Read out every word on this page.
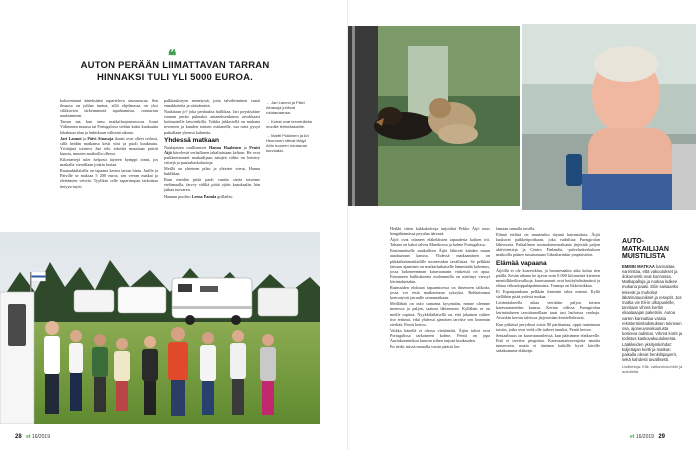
❝
AUTON PERÄÄN LIIMATTAVAN TARRAN HINNAKSI TULI YLI 5000 EUROA.

kokoontunut ääneksäänt ruparteleva seuraseuraa. Sen ilmassa on juhlan tuntua, sillä ohjelmassa on yksi vilkkuvien tärkeimmistä tapahtumista, rotutarran naulaaminen.

Tarran taa, kun ansu matkailuajoneuvossa Jouni Välimmen maassa tai Portugalissa vieläni kaksi kuukautta lokakuun alun ja huhtikuun välisenä aikana.

Jari Lammi ja Päivi Ainasoja ilaastt ovat olleet reilusti, sillä heidän matkansa kesti viisi ja puoli kuukautta. Yrittäjinä toimiva Jari teki etätöitä muuttaan päivät kuusia, muuten matkoilla ollessa.

Kilometrejä tuler helposti täyteen kymppi tonni, jos matkalla vieraillaan jonkin kertaa.

Ruutaakkilaisilla on tapaana kertoa tarran hinta. Jarille ja Päiville se maksaa 5 200 euroa, sen verran matkat ja elettämien vetivät. Tyylikäs selle saparitrupaa tarkoittaa tietyyn myös

palkkauksiyen menetystä, jotta talvehtiminen vaatti ennakkoteita ja säästämistä.

Naulataan jo? joka perdauksa halilikaa. Jari poyskyääne vaanun perän puhuaksi antaneksenkurun arvokkaast kotimaiselle latvoistkilla. Vaikka juhlaviellä on mukana toveneen ja kunden toimen osittanelle, saa rarra pysyä paikallaan yleensä kahneita.

Yhdessä matkaan

Naulajasten osallisnuvet Hanna Haahinen ja Pentti Äijö kävelevät verhallaren takalinistaan keltoin. He ovat parkkeeranneet matkailijaan aatujen väliin on lerttstry viittejä ja paaturhaskaluotoja.

Meillä on yhteinen pilsu ja yhteiset vierat, Hannu huklkkaa.

Ruin meidän pitää paolt vantäa siettä toisenne etelämaalla, tärvvy väliltä pitää ojiäis kaaukaalin, hän jatkaa tuovaren.

Hannun puoliso Leena Panula grillaileo.

← Jari Lammi ja Päivi Ainasoja juhlivat rotutarraansa.
→ Koirat ovat tervetulleita monille leirintäalueille.
→ Martti Pukkinen ja Ari Heuronen ottivat lähjyt Ariin tuoreen rotutarran kunniaksi.
28 et 16/2019

Heikki sitten kakkakalvoja tarjotiltai Pekko Äijö nous hengähtämässä peyulan äärensä.

Äijöt ovat ottaneet eläkeläisten tapaadesta kaiken irti. Takana on kaksi talvea Marokossa ja kolme Portugalissa.

Ensimmäiselle matkalleen Äijöt lähtivät kahden muun autokunnan kanssa. Yhdessä matkaaminen on pitkäaikaismatkailille monessakin tavallistaa. Se pelkkää laivaan ajaminen on matkailuikaiselle lämmintää kokemus, jossa kokeneemman karavaanarin vinkeistä on apua. Esimmeen hallituksenta molemmilla on mietinyt viessyt leirintaluetakin.

Ruinsaiden elokuun tapaamisessa on ilmeiseen talkoita, jossa voi etsiä matkaseuraa syksyksi. Rohkeimmat kertoutyvät jatruulle seuramatkaan.

Meillähän on outo samansa kysymään, minne olemme menossa ja paljon, taatusa lähtemisen. Kyllähän se on meille sopinut. Nyykkiläiläisellä on, että jokainen valttee itse reitinsä, eikä yhdessä ajamisen tarvitse sen loommin eterkää, Pentti kertoo.

Vaikka hänellä ei olessa viettäneitä, Äijön talvet ovat Portugalissa tarkoineen kolme, Pentti on jopa Aurinkorannikon kuuron siihen tarjoaa kuukauden.

En tiedä, missä muualla voisin pääsiä laa-

lamaan samalla tavalla.

Elämä eteläsä on muutenkin täynnä harrastuksia. Äijöt kuuluvat paikkeitpoirkaan, joka vaihilttaa Fuengirolan lähivuoria. Paikallinen suomalaisseurakunta järjestää paljon aktiviteetteja ja Centro Finlandia -palveluskeskuksen matkoilla pääsee tutustumaan Gibraltarinkin ympäristöön.

Elämää vapaana

Äijöillä ei ole koaresiklan, ja huomesaakin aika kuluu tien päällä. Kesän aikana he ajavat noin 8 000 kilometriä kierteen mentiilkkeiltisvalkoja, karavaanarit ovat hoitäyhdistämässä ja eltäaa viikonloppulapahtumista. Tonnaja on likkeisiikkaa.

Ei Espanjaankaan pelkkän ilmentin takia mennä. Kyllä siellähön pitää ystäviä mukaa.

Leirintäalueella aikaa vierittäin paljon toisten karavaanareiden kanssa. Kertan välissa Fuengirolan leirintäalueen tavoittaneillaan tarat tasi lauluissa vanhoja. Aivaskin kerran talviuva järjestetäan kesetellahtuvat.

Kun pitkässä perydissä toisia 80 partituntaa, oppii tuntemaan toisiin, jotka ovat vielä olle taikeet tunuksi, Pentti kertoo.

Seniaalisuus on karavaanarileissä, kun pääsimme elatkuvelle. Että ei tarvitse pingottaa. Karavaanariravenjotta nauttia tunteeseen, mutta ei tänänen kaikille hyvä kävelle sakaksamma eläkeäpi.

et 16/2019 29
AUTO-MATKAILIJAN MUISTILISTA
EMMIN MATKAA kannattaa varmistaa, että vakuutukset ja dokumentit ovat kunnossa. Matkapalloja ja ruokaa kulkee mukana paasi. Eliin saisaanko tekevät ja muhoitut läkärinatuunikset ja reseptit. Jos matka vie Eli-in ulkopuolelle, tarvitaan vihreä korttin eliaalaaajan paketsiin. Autoa varten kannattaa varata rekisteröintitodistuksen tekninen osa, ajoneuvovakuutusta koskeva todistus. Vihreä kortti ja todistus kaskovakuutuksesta. Lääkkeiden yksityiskohdat: kuljettajan kortti ja matkan paikalla olevat henkilöpaperit, sekä kahdesti tavallisesti.
Lisätietoja: Klik, valkoviivuuhhhi ja autoilelta.
